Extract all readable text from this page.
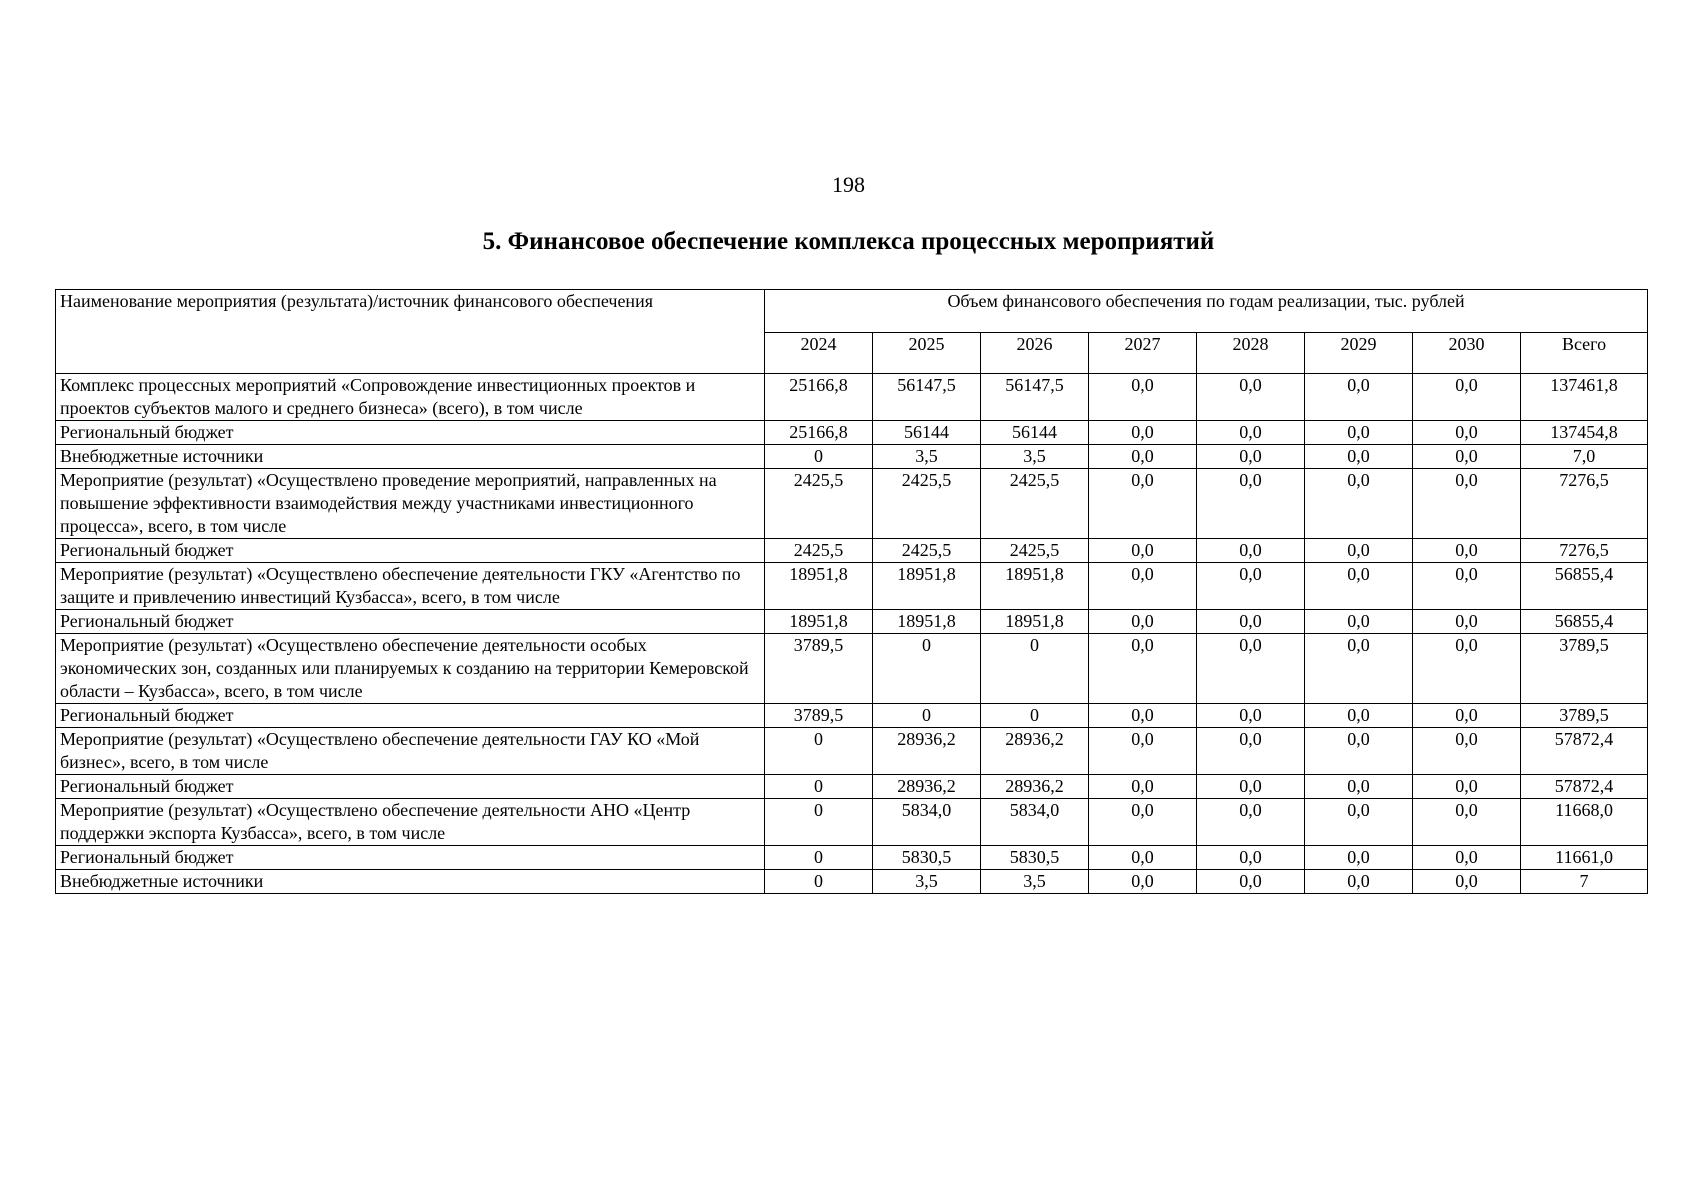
198
5. Финансовое обеспечение комплекса процессных мероприятий
Наименование мероприятия (результата)/источник финансового обеспечения	Объем финансового обеспечения по годам реализации, тыс. рублей							
	2024	2025	2026	2027	2028	2029	2030	Всего
Комплекс процессных мероприятий «Сопровождение инвестиционных проектов и проектов субъектов малого и среднего бизнеса» (всего), в том числе	25166,8	56147,5	56147,5	0,0	0,0	0,0	0,0	137461,8
Региональный бюджет	25166,8	56144	56144	0,0	0,0	0,0	0,0	137454,8
Внебюджетные источники	0	3,5	3,5	0,0	0,0	0,0	0,0	7,0
Мероприятие (результат) «Осуществлено проведение мероприятий, направленных на повышение эффективности взаимодействия между участниками инвестиционного процесса», всего, в том числе	2425,5	2425,5	2425,5	0,0	0,0	0,0	0,0	7276,5
Региональный бюджет	2425,5	2425,5	2425,5	0,0	0,0	0,0	0,0	7276,5
Мероприятие (результат) «Осуществлено обеспечение деятельности ГКУ «Агентство по защите и привлечению инвестиций Кузбасса», всего, в том числе	18951,8	18951,8	18951,8	0,0	0,0	0,0	0,0	56855,4
Региональный бюджет	18951,8	18951,8	18951,8	0,0	0,0	0,0	0,0	56855,4
Мероприятие (результат) «Осуществлено обеспечение деятельности особых экономических зон, созданных или планируемых к созданию на территории Кемеровской области – Кузбасса», всего, в том числе	3789,5	0	0	0,0	0,0	0,0	0,0	3789,5
Региональный бюджет	3789,5	0	0	0,0	0,0	0,0	0,0	3789,5
Мероприятие (результат) «Осуществлено обеспечение деятельности ГАУ КО «Мой бизнес», всего, в том числе	0	28936,2	28936,2	0,0	0,0	0,0	0,0	57872,4
Региональный бюджет	0	28936,2	28936,2	0,0	0,0	0,0	0,0	57872,4
Мероприятие (результат) «Осуществлено обеспечение деятельности АНО «Центр поддержки экспорта Кузбасса», всего, в том числе	0	5834,0	5834,0	0,0	0,0	0,0	0,0	11668,0
Региональный бюджет	0	5830,5	5830,5	0,0	0,0	0,0	0,0	11661,0
Внебюджетные источники	0	3,5	3,5	0,0	0,0	0,0	0,0	7
